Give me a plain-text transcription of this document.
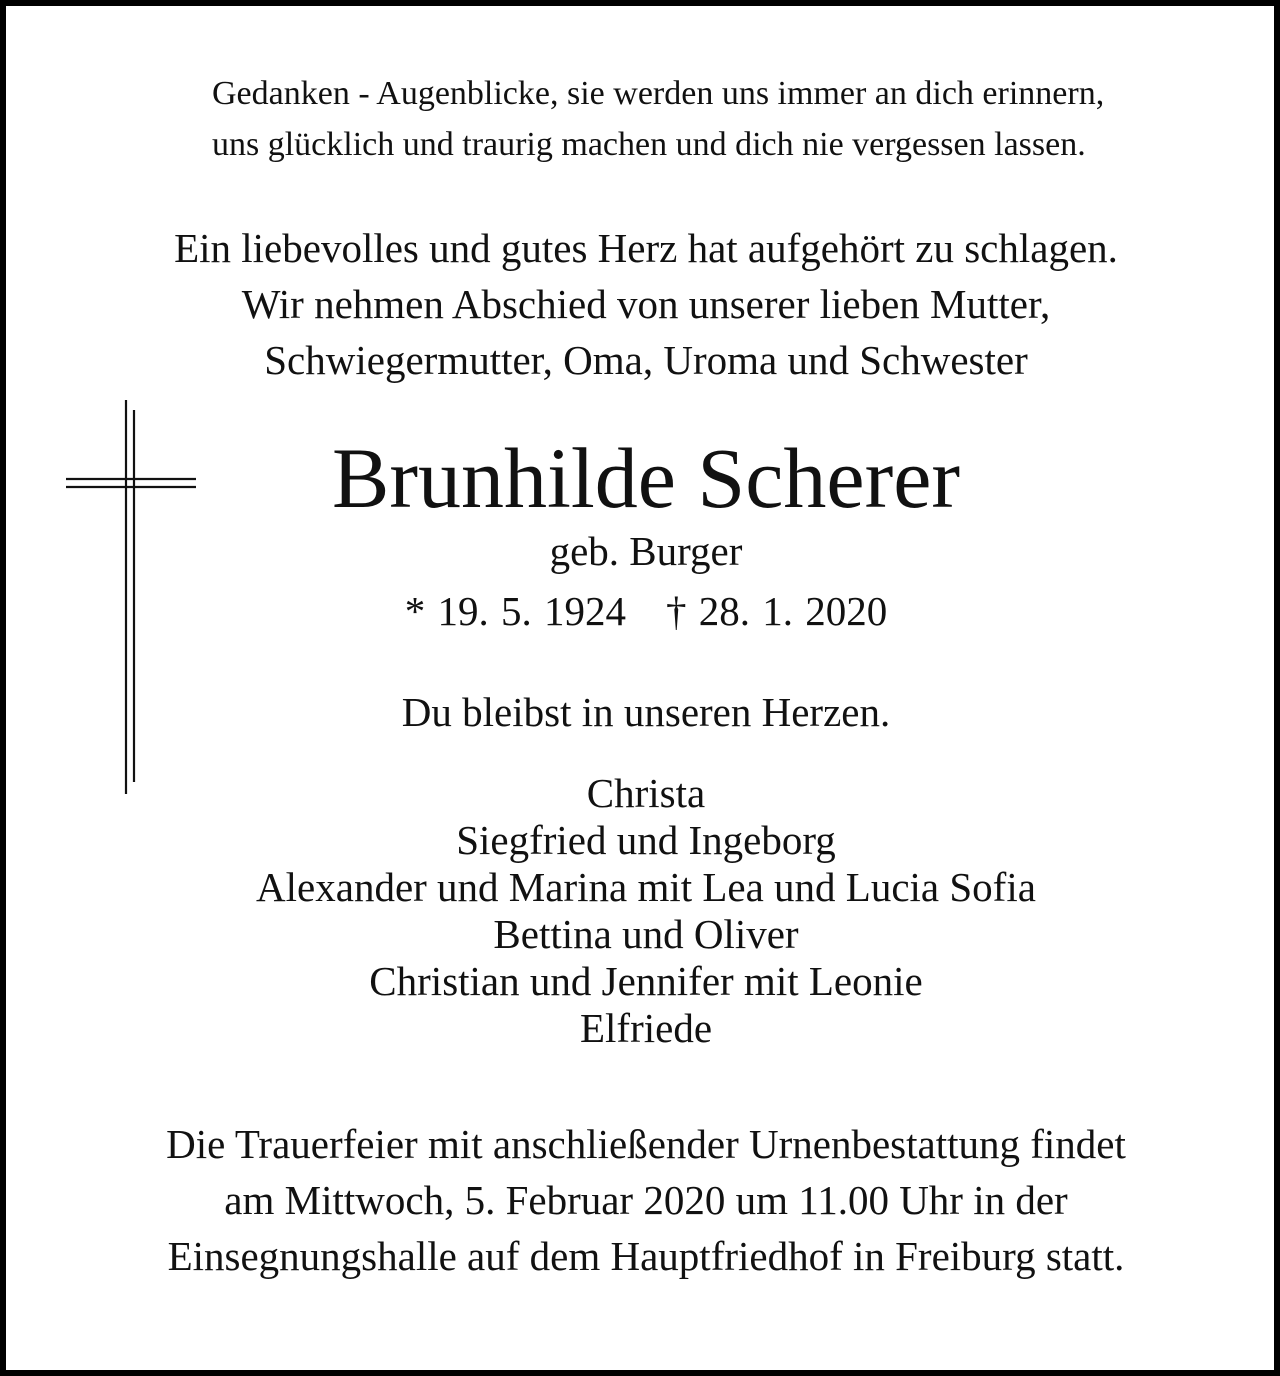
Gedanken - Augenblicke, sie werden uns immer an dich erinnern,
uns glücklich und traurig machen und dich nie vergessen lassen.

Ein liebevolles und gutes Herz hat aufgehört zu schlagen.

Wir nehmen Abschied von unserer lieben Mutter,

Schwiegermutter, Oma, Uroma und Schwester

Brunhilde Scherer

geb. Burger

* 19. 5. 1924 † 28. 1. 2020

Du bleibst in unseren Herzen.

Christa

Siegfried und Ingeborg

Alexander und Marina mit Lea und Lucia Sofia

Bettina und Oliver

Christian und Jennifer mit Leonie

Elfriede

Die Trauerfeier mit anschließender Urnenbestattung findet

am Mittwoch, 5. Februar 2020 um 11.00 Uhr in der

Einsegnungshalle auf dem Hauptfriedhof in Freiburg statt.
